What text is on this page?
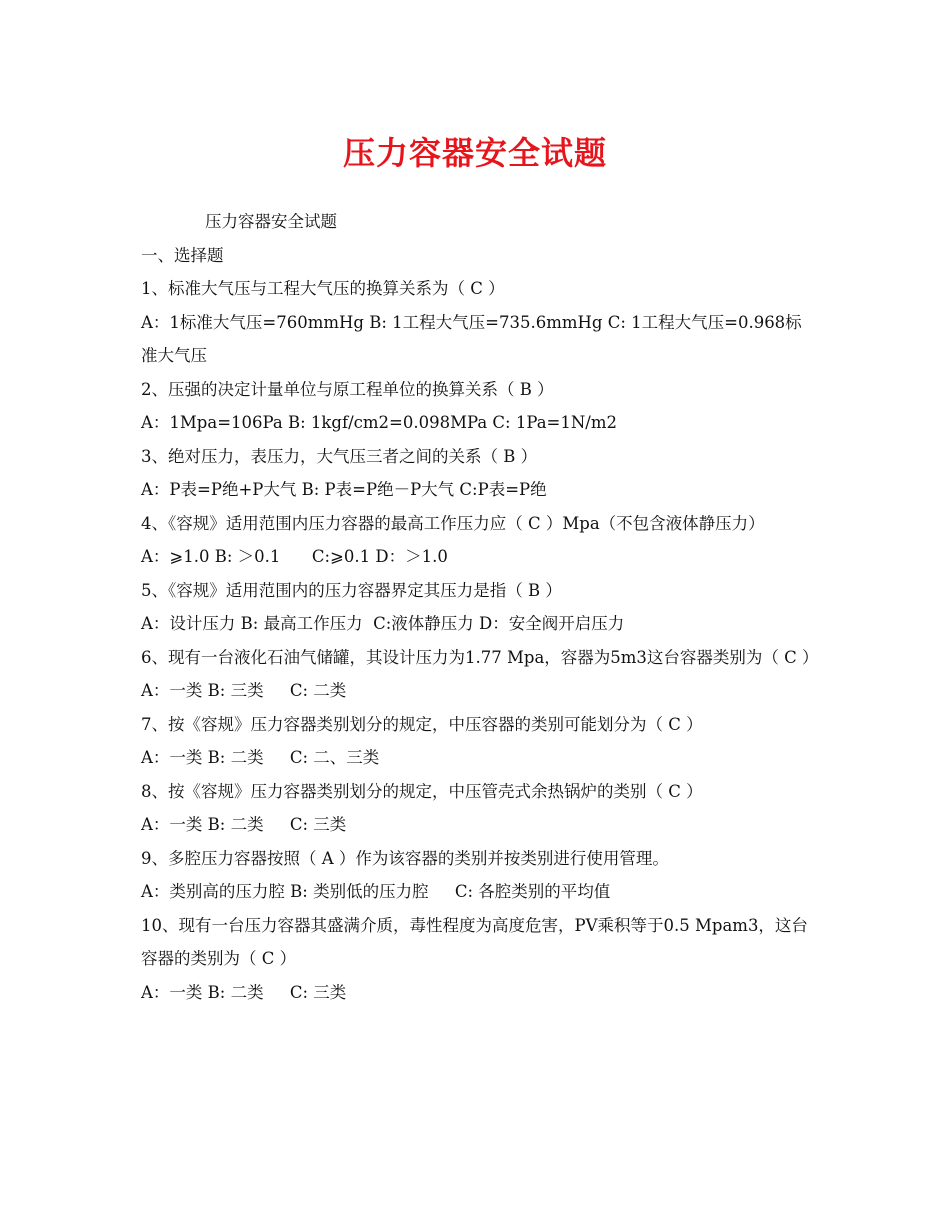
压力容器安全试题

压力容器安全试题

一、选择题

1、标准大气压与工程大气压的换算关系为（ C ）

A：1标准大气压=760mmHg B: 1工程大气压=735.6mmHg C: 1工程大气压=0.968标准大气压

2、压强的决定计量单位与原工程单位的换算关系（ B ）

A：1Mpa=106Pa B: 1kgf/cm2=0.098MPa C: 1Pa=1N/m2

3、绝对压力，表压力，大气压三者之间的关系（ B ）

A：P表=P绝+P大气 B: P表=P绝－P大气 C:P表=P绝

4、《容规》适用范围内压力容器的最高工作压力应（ C ）Mpa（不包含液体静压力）

A：⩾1.0 B: ＞0.1      C:⩾0.1 D：＞1.0

5、《容规》适用范围内的压力容器界定其压力是指（ B ）

A：设计压力 B: 最高工作压力  C:液体静压力 D：安全阀开启压力

6、现有一台液化石油气储罐，其设计压力为1.77 Mpa，容器为5m3这台容器类别为（ C ）

A：一类 B: 三类     C: 二类

7、按《容规》压力容器类别划分的规定，中压容器的类别可能划分为（ C ）

A：一类 B: 二类     C: 二、三类

8、按《容规》压力容器类别划分的规定，中压管壳式余热锅炉的类别（ C ）

A：一类 B: 二类     C: 三类

9、多腔压力容器按照（ A ）作为该容器的类别并按类别进行使用管理。

A：类别高的压力腔 B: 类别低的压力腔     C: 各腔类别的平均值

10、现有一台压力容器其盛满介质，毒性程度为高度危害，PV乘积等于0.5 Mpam3，这台容器的类别为（ C ）

A：一类 B: 二类     C: 三类
